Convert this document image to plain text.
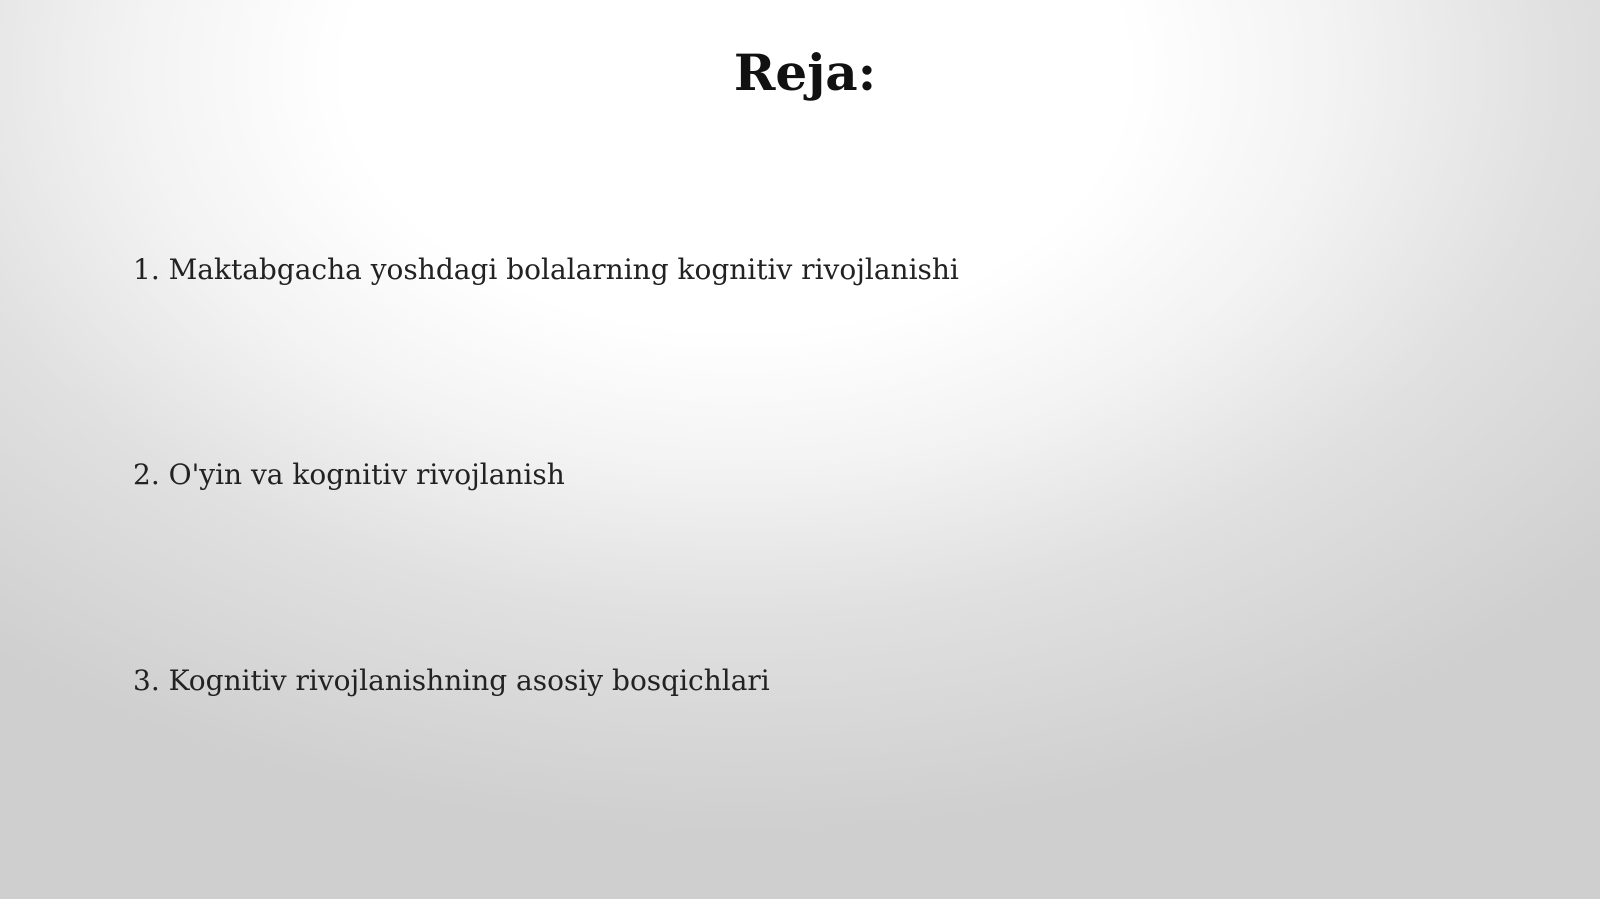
Reja:
1. Maktabgacha yoshdagi bolalarning kognitiv rivojlanishi
2. O'yin va kognitiv rivojlanish
3. Kognitiv rivojlanishning asosiy bosqichlari
